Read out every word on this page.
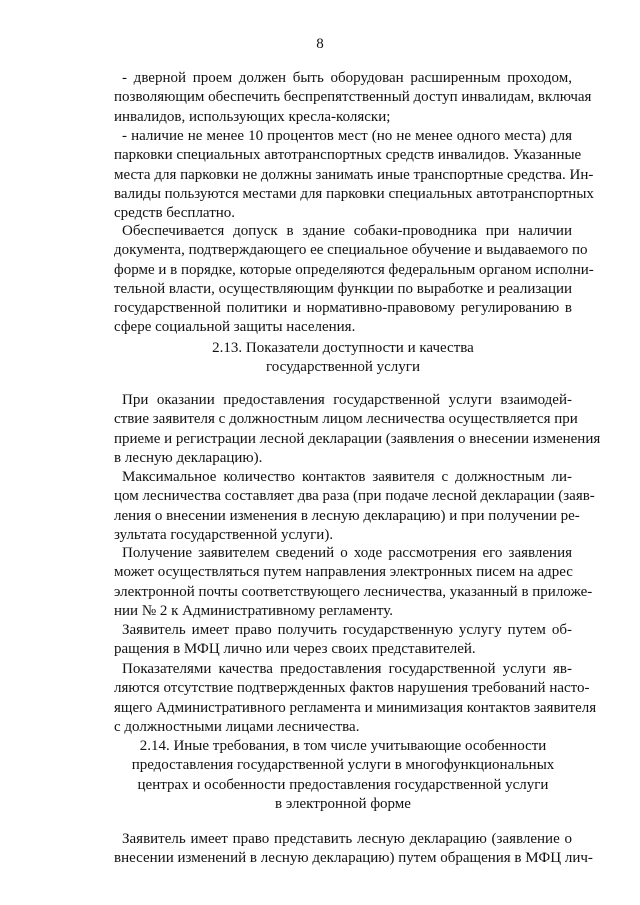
8
- дверной проем должен быть оборудован расширенным проходом,
позволяющим обеспечить беспрепятственный доступ инвалидам, включая
инвалидов, использующих кресла-коляски;
- наличие не менее 10 процентов мест (но не менее одного места) для
парковки специальных автотранспортных средств инвалидов. Указанные
места для парковки не должны занимать иные транспортные средства. Ин-
валиды пользуются местами для парковки специальных автотранспортных
средств бесплатно.
Обеспечивается допуск в здание собаки-проводника при наличии
документа, подтверждающего ее специальное обучение и выдаваемого по
форме и в порядке, которые определяются федеральным органом исполни-
тельной власти, осуществляющим функции по выработке и реализации
государственной политики и нормативно-правовому регулированию в
сфере социальной защиты населения.
2.13. Показатели доступности и качества
государственной услуги
При оказании предоставления государственной услуги взаимодей-
ствие заявителя с должностным лицом лесничества осуществляется при
приеме и регистрации лесной декларации (заявления о внесении изменения
в лесную декларацию).
Максимальное количество контактов заявителя с должностным ли-
цом лесничества составляет два раза (при подаче лесной декларации (заяв-
ления о внесении изменения в лесную декларацию) и при получении ре-
зультата государственной услуги).
Получение заявителем сведений о ходе рассмотрения его заявления
может осуществляться путем направления электронных писем на адрес
электронной почты соответствующего лесничества, указанный в приложе-
нии № 2 к Административному регламенту.
Заявитель имеет право получить государственную услугу путем об-
ращения в МФЦ лично или через своих представителей.
Показателями качества предоставления государственной услуги яв-
ляются отсутствие подтвержденных фактов нарушения требований насто-
ящего Административного регламента и минимизация контактов заявителя
с должностными лицами лесничества.
2.14. Иные требования, в том числе учитывающие особенности
предоставления государственной услуги в многофункциональных
центрах и особенности предоставления государственной услуги
в электронной форме
Заявитель имеет право представить лесную декларацию (заявление о
внесении изменений в лесную декларацию) путем обращения в МФЦ лич-
